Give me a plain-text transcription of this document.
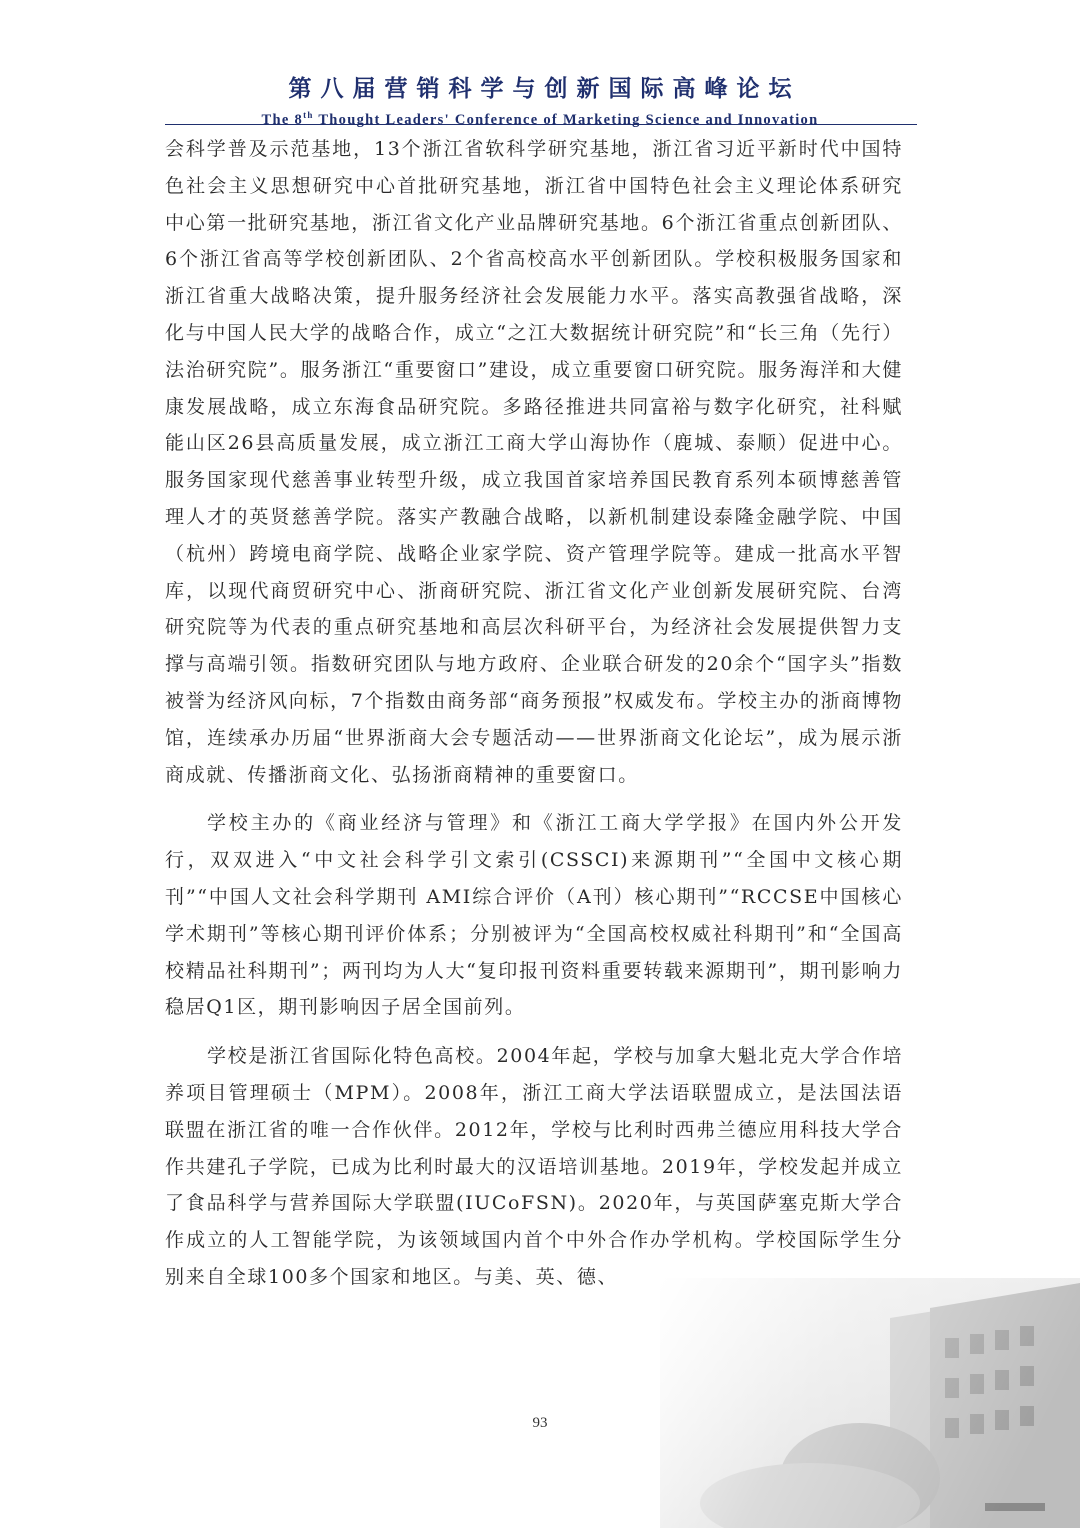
第八届营销科学与创新国际高峰论坛
The 8th Thought Leaders' Conference of Marketing Science and Innovation

会科学普及示范基地，13个浙江省软科学研究基地，浙江省习近平新时代中国特色社会主义思想研究中心首批研究基地，浙江省中国特色社会主义理论体系研究中心第一批研究基地，浙江省文化产业品牌研究基地。6个浙江省重点创新团队、6个浙江省高等学校创新团队、2个省高校高水平创新团队。学校积极服务国家和浙江省重大战略决策，提升服务经济社会发展能力水平。落实高教强省战略，深化与中国人民大学的战略合作，成立“之江大数据统计研究院”和“长三角（先行）法治研究院”。服务浙江“重要窗口”建设，成立重要窗口研究院。服务海洋和大健康发展战略，成立东海食品研究院。多路径推进共同富裕与数字化研究，社科赋能山区26县高质量发展，成立浙江工商大学山海协作（鹿城、泰顺）促进中心。服务国家现代慈善事业转型升级，成立我国首家培养国民教育系列本硕博慈善管理人才的英贤慈善学院。落实产教融合战略，以新机制建设泰隆金融学院、中国（杭州）跨境电商学院、战略企业家学院、资产管理学院等。建成一批高水平智库，以现代商贸研究中心、浙商研究院、浙江省文化产业创新发展研究院、台湾研究院等为代表的重点研究基地和高层次科研平台，为经济社会发展提供智力支撑与高端引领。指数研究团队与地方政府、企业联合研发的20余个“国字头”指数被誉为经济风向标，7个指数由商务部“商务预报”权威发布。学校主办的浙商博物馆，连续承办历届“世界浙商大会专题活动——世界浙商文化论坛”，成为展示浙商成就、传播浙商文化、弘扬浙商精神的重要窗口。

学校主办的《商业经济与管理》和《浙江工商大学学报》在国内外公开发行，双双进入“中文社会科学引文索引(CSSCI)来源期刊”“全国中文核心期刊”“中国人文社会科学期刊 AMI综合评价（A刊）核心期刊”“RCCSE中国核心学术期刊”等核心期刊评价体系；分别被评为“全国高校权威社科期刊”和“全国高校精品社科期刊”；两刊均为人大“复印报刊资料重要转载来源期刊”，期刊影响力稳居Q1区，期刊影响因子居全国前列。

学校是浙江省国际化特色高校。2004年起，学校与加拿大魁北克大学合作培养项目管理硕士（MPM）。2008年，浙江工商大学法语联盟成立，是法国法语联盟在浙江省的唯一合作伙伴。2012年，学校与比利时西弗兰德应用科技大学合作共建孔子学院，已成为比利时最大的汉语培训基地。2019年，学校发起并成立了食品科学与营养国际大学联盟(IUCoFSN)。2020年，与英国萨塞克斯大学合作成立的人工智能学院，为该领域国内首个中外合作办学机构。学校国际学生分别来自全球100多个国家和地区。与美、英、德、

93
